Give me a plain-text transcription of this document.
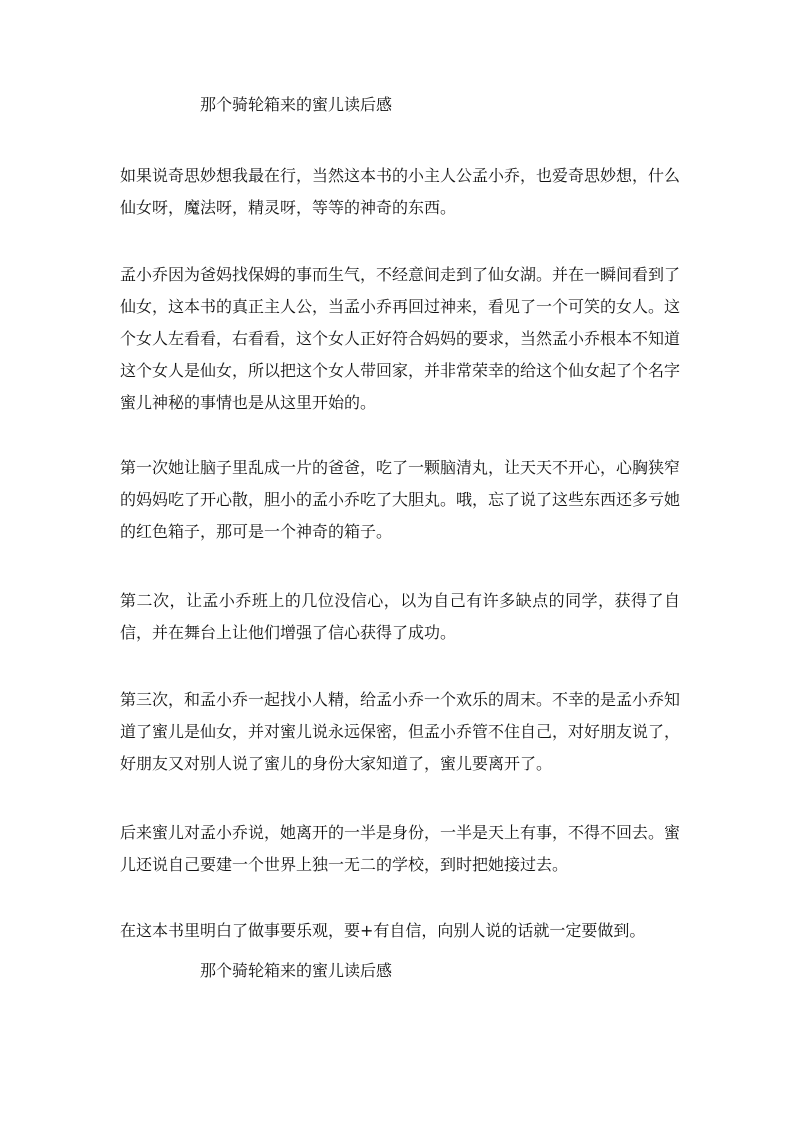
那个骑轮箱来的蜜儿读后感

如果说奇思妙想我最在行，当然这本书的小主人公孟小乔，也爱奇思妙想，什么仙女呀，魔法呀，精灵呀，等等的神奇的东西。

孟小乔因为爸妈找保姆的事而生气，不经意间走到了仙女湖。并在一瞬间看到了仙女，这本书的真正主人公，当孟小乔再回过神来，看见了一个可笑的女人。这个女人左看看，右看看，这个女人正好符合妈妈的要求，当然孟小乔根本不知道这个女人是仙女，所以把这个女人带回家，并非常荣幸的给这个仙女起了个名字蜜儿神秘的事情也是从这里开始的。

第一次她让脑子里乱成一片的爸爸，吃了一颗脑清丸，让天天不开心，心胸狭窄的妈妈吃了开心散，胆小的孟小乔吃了大胆丸。哦，忘了说了这些东西还多亏她的红色箱子，那可是一个神奇的箱子。

第二次，让孟小乔班上的几位没信心，以为自己有许多缺点的同学，获得了自信，并在舞台上让他们增强了信心获得了成功。

第三次，和孟小乔一起找小人精，给孟小乔一个欢乐的周末。不幸的是孟小乔知道了蜜儿是仙女，并对蜜儿说永远保密，但孟小乔管不住自己，对好朋友说了，好朋友又对别人说了蜜儿的身份大家知道了，蜜儿要离开了。

后来蜜儿对孟小乔说，她离开的一半是身份，一半是天上有事，不得不回去。蜜儿还说自己要建一个世界上独一无二的学校，到时把她接过去。

在这本书里明白了做事要乐观，要+有自信，向别人说的话就一定要做到。

那个骑轮箱来的蜜儿读后感
